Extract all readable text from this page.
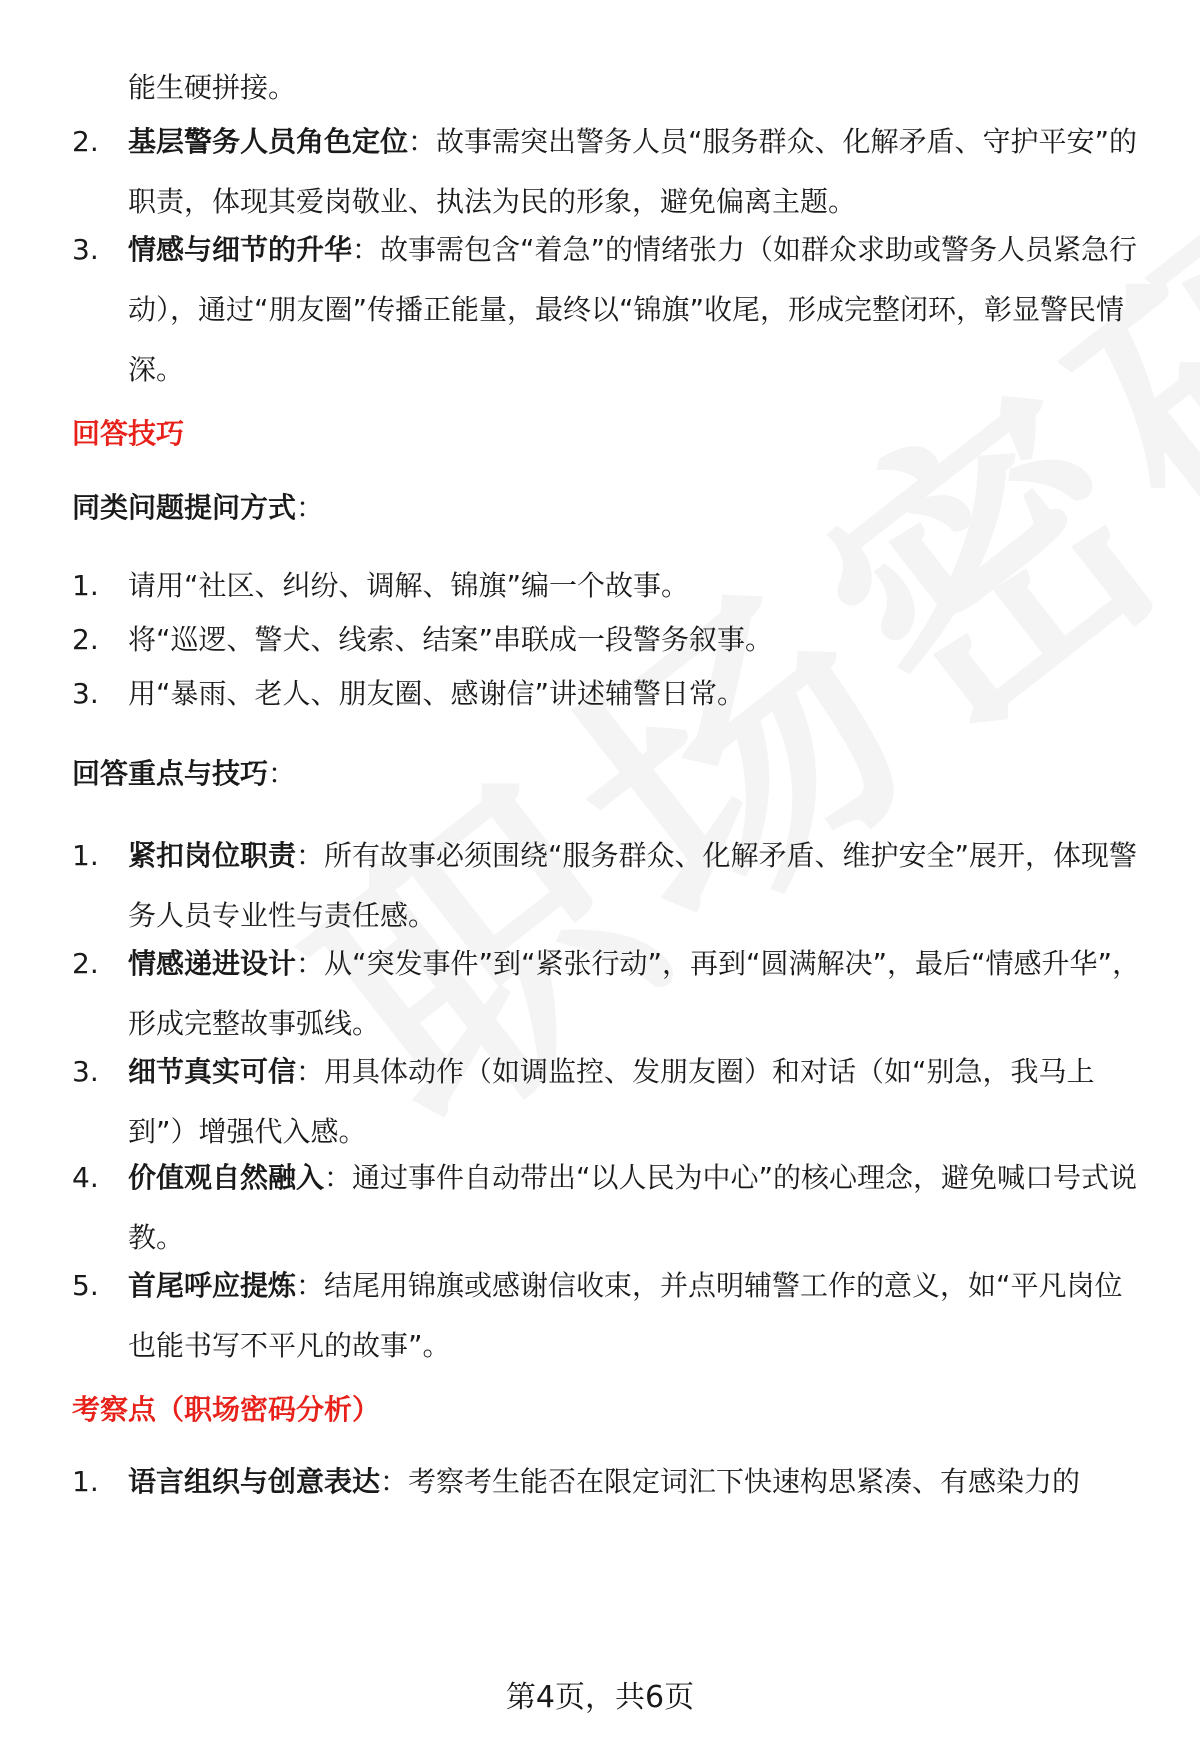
能生硬拼接。
2.	基层警务人员角色定位：故事需突出警务人员“服务群众、化解矛盾、守护平安”的职责，体现其爱岗敬业、执法为民的形象，避免偏离主题。
3.	情感与细节的升华：故事需包含“着急”的情绪张力（如群众求助或警务人员紧急行动），通过“朋友圈”传播正能量，最终以“锦旗”收尾，形成完整闭环，彰显警民情深。
回答技巧

同类问题提问方式：

1.	请用“社区、纠纷、调解、锦旗”编一个故事。
2.	将“巡逻、警犬、线索、结案”串联成一段警务叙事。
3.	用“暴雨、老人、朋友圈、感谢信”讲述辅警日常。

回答重点与技巧：

1.	紧扣岗位职责：所有故事必须围绕“服务群众、化解矛盾、维护安全”展开，体现警务人员专业性与责任感。
2.	情感递进设计：从“突发事件”到“紧张行动”，再到“圆满解决”，最后“情感升华”，形成完整故事弧线。
3.	细节真实可信：用具体动作（如调监控、发朋友圈）和对话（如“别急，我马上到”）增强代入感。
4.	价值观自然融入：通过事件自动带出“以人民为中心”的核心理念，避免喊口号式说教。
5.	首尾呼应提炼：结尾用锦旗或感谢信收束，并点明辅警工作的意义，如“平凡岗位也能书写不平凡的故事”。
考察点（职场密码分析）
1.	语言组织与创意表达：考察考生能否在限定词汇下快速构思紧凑、有感染力的
第4页，共6页
